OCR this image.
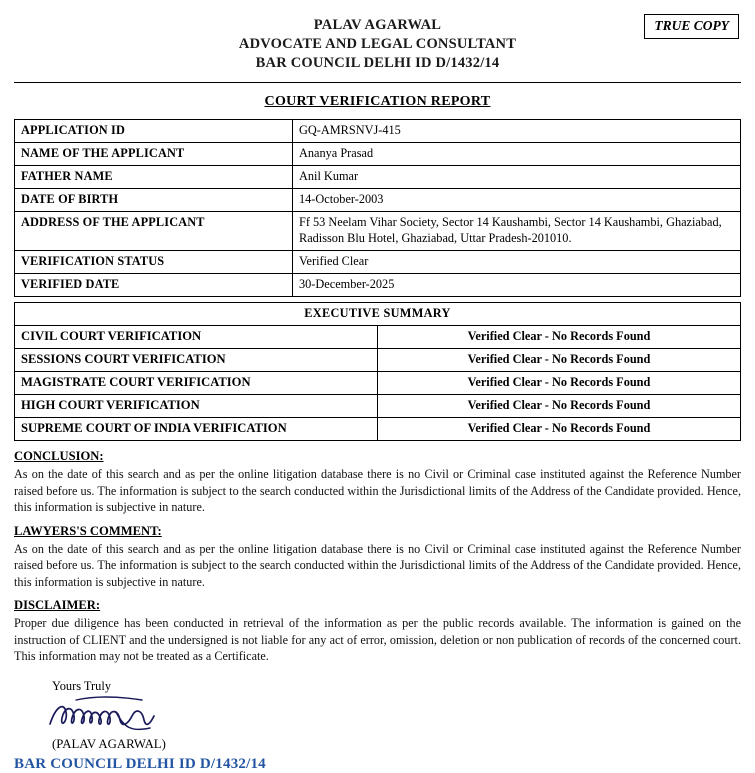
TRUE COPY
PALAV AGARWAL
ADVOCATE AND LEGAL CONSULTANT
BAR COUNCIL DELHI ID D/1432/14
COURT VERIFICATION REPORT
APPLICATION ID	GQ-AMRSNVJ-415
NAME OF THE APPLICANT	Ananya Prasad
FATHER NAME	Anil Kumar
DATE OF BIRTH	14-October-2003
ADDRESS OF THE APPLICANT	Ff 53 Neelam Vihar Society, Sector 14 Kaushambi, Sector 14 Kaushambi, Ghaziabad, Radisson Blu Hotel, Ghaziabad, Uttar Pradesh-201010.
VERIFICATION STATUS	Verified Clear
VERIFIED DATE	30-December-2025
EXECUTIVE SUMMARY	
CIVIL COURT VERIFICATION	Verified Clear - No Records Found
SESSIONS COURT VERIFICATION	Verified Clear - No Records Found
MAGISTRATE COURT VERIFICATION	Verified Clear - No Records Found
HIGH COURT VERIFICATION	Verified Clear - No Records Found
SUPREME COURT OF INDIA VERIFICATION	Verified Clear - No Records Found
CONCLUSION:
As on the date of this search and as per the online litigation database there is no Civil or Criminal case instituted against the Reference Number raised before us. The information is subject to the search conducted within the Jurisdictional limits of the Address of the Candidate provided. Hence, this information is subjective in nature.
LAWYERS'S COMMENT:
As on the date of this search and as per the online litigation database there is no Civil or Criminal case instituted against the Reference Number raised before us. The information is subject to the search conducted within the Jurisdictional limits of the Address of the Candidate provided. Hence, this information is subjective in nature.
DISCLAIMER:
Proper due diligence has been conducted in retrieval of the information as per the public records available. The information is gained on the instruction of CLIENT and the undersigned is not liable for any act of error, omission, deletion or non publication of records of the concerned court. This information may not be treated as a Certificate.
Yours Truly
(PALAV AGARWAL)
BAR COUNCIL DELHI ID D/1432/14
